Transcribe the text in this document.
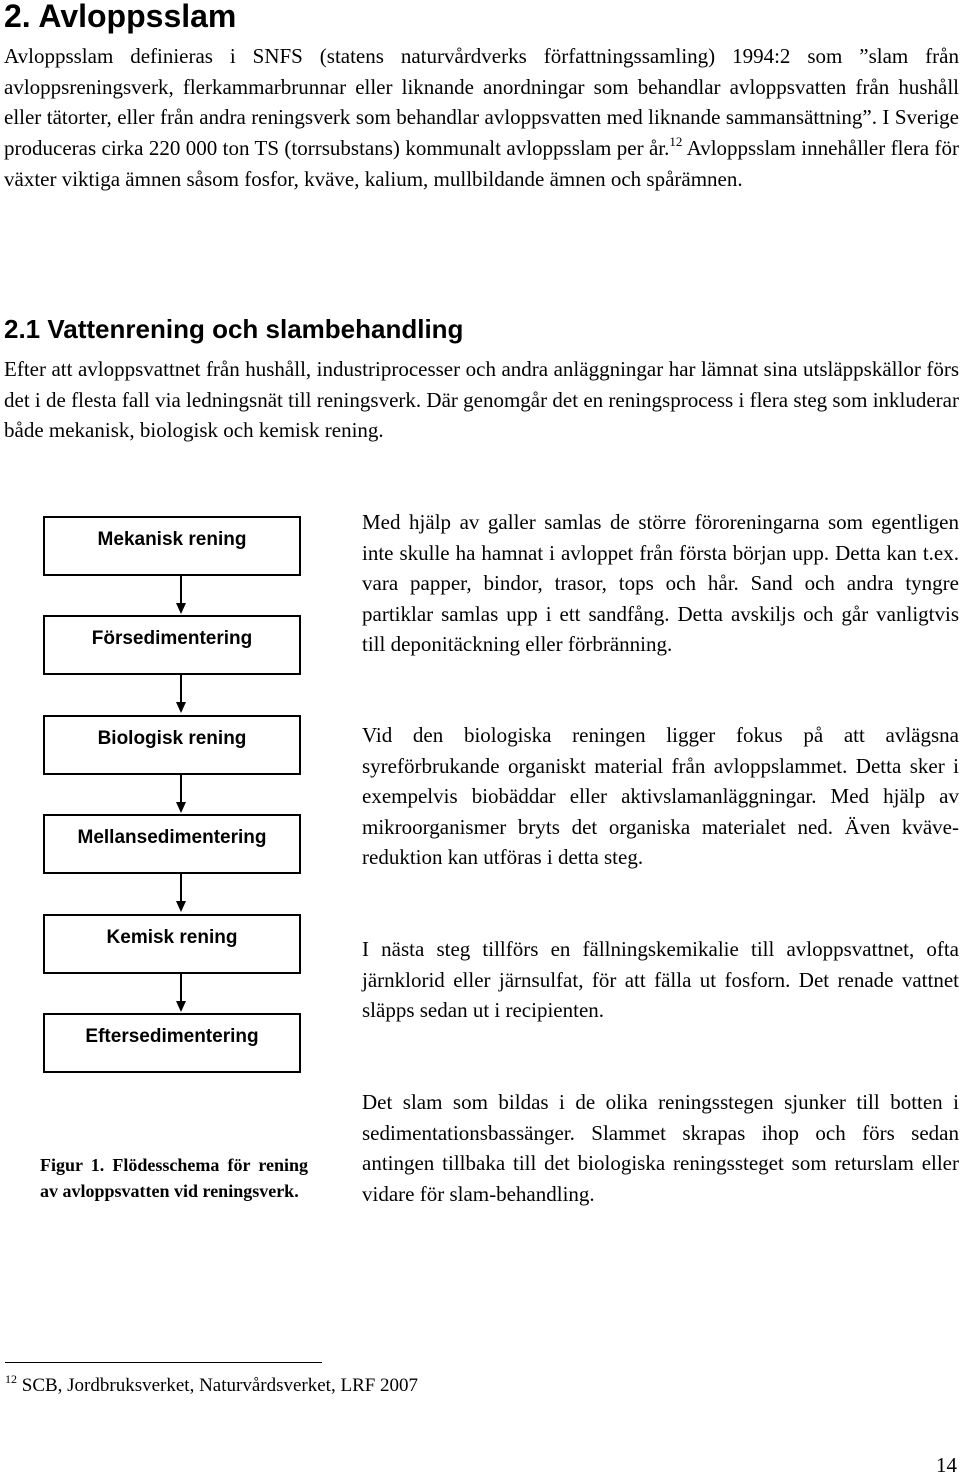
2. Avloppsslam

Avloppsslam definieras i SNFS (statens naturvårdverks författningssamling) 1994:2 som ”slam från avloppsreningsverk, flerkammarbrunnar eller liknande anordningar som behandlar avloppsvatten från hushåll eller tätorter, eller från andra reningsverk som behandlar avloppsvatten med liknande sammansättning”. I Sverige produceras cirka 220 000 ton TS (torrsubstans) kommunalt avloppsslam per år.$^{12}$ Avloppsslam innehåller flera för växter viktiga ämnen såsom fosfor, kväve, kalium, mullbildande ämnen och spårämnen.

2.1 Vattenrening och slambehandling

Efter att avloppsvattnet från hushåll, industriprocesser och andra anläggningar har lämnat sina utsläppskällor förs det i de flesta fall via ledningsnät till reningsverk. Där genomgår det en reningsprocess i flera steg som inkluderar både mekanisk, biologisk och kemisk rening.

Mekanisk rening
Försedimentering
Biologisk rening
Mellansedimentering
Kemisk rening
Eftersedimentering

Figur 1. Flödesschema för rening av avloppsvatten vid reningsverk.

Med hjälp av galler samlas de större föroreningarna som egentligen inte skulle ha hamnat i avloppet från första början upp. Detta kan t.ex. vara papper, bindor, trasor, tops och hår. Sand och andra tyngre partiklar samlas upp i ett sandfång. Detta avskiljs och går vanligtvis till deponitäckning eller förbränning.

Vid den biologiska reningen ligger fokus på att avlägsna syreförbrukande organiskt material från avloppslammet. Detta sker i exempelvis biobäddar eller aktivslamanläggningar. Med hjälp av mikroorganismer bryts det organiska materialet ned. Även kväve-reduktion kan utföras i detta steg.

I nästa steg tillförs en fällningskemikalie till avloppsvattnet, ofta järnklorid eller järnsulfat, för att fälla ut fosforn. Det renade vattnet släpps sedan ut i recipienten.

Det slam som bildas i de olika reningsstegen sjunker till botten i sedimentationsbassänger. Slammet skrapas ihop och förs sedan antingen tillbaka till det biologiska reningssteget som returslam eller vidare för slam-behandling.

$^{12}$ SCB, Jordbruksverket, Naturvårdsverket, LRF 2007

14
